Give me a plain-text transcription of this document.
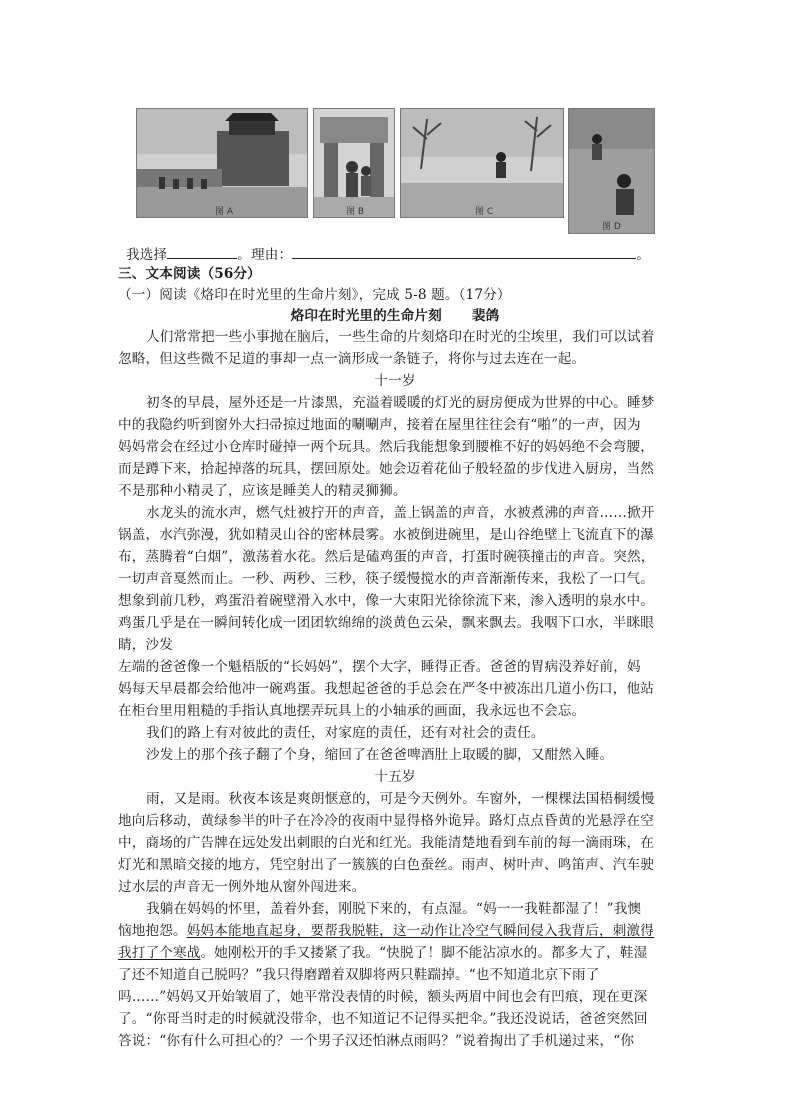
图 A	图 B	图 C
图 D
我选择	。理由：	。
三、文本阅读（56分）
（一）阅读《烙印在时光里的生命片刻》，完成 5-8 题。（17分）
烙印在时光里的生命片刻 裴鸽
人们常常把一些小事抛在脑后，一些生命的片刻烙印在时光的尘埃里，我们可以试着
忽略，但这些微不足道的事却一点一滴形成一条链子，将你与过去连在一起。
十一岁
初冬的早晨，屋外还是一片漆黑，充溢着暖暖的灯光的厨房便成为世界的中心。睡梦
中的我隐约听到窗外大扫帚掠过地面的唰唰声，接着在屋里往往会有“啪”的一声，因为
妈妈常会在经过小仓库时碰掉一两个玩具。然后我能想象到腰椎不好的妈妈绝不会弯腰，
而是蹲下来，拾起掉落的玩具，摆回原处。她会迈着花仙子般轻盈的步伐进入厨房，当然
不是那种小精灵了，应该是睡美人的精灵狮狮。
水龙头的流水声，燃气灶被拧开的声音，盖上锅盖的声音，水被煮沸的声音……掀开
锅盖，水汽弥漫，犹如精灵山谷的密林晨雾。水被倒进碗里，是山谷绝壁上飞流直下的瀑
布，蒸腾着“白烟”，激荡着水花。然后是磕鸡蛋的声音，打蛋时碗筷撞击的声音。突然，
一切声音戛然而止。一秒、两秒、三秒，筷子缓慢搅水的声音渐渐传来，我松了一口气。
想象到前几秒，鸡蛋沿着碗壁滑入水中，像一大束阳光徐徐流下来，渗入透明的泉水中。
鸡蛋几乎是在一瞬间转化成一团团软绵绵的淡黄色云朵，飘来飘去。我咽下口水，半眯眼
睛，沙发
左端的爸爸像一个魁梧版的“长妈妈”，摆个大字，睡得正香。爸爸的胃病没养好前，妈
妈每天早晨都会给他冲一碗鸡蛋。我想起爸爸的手总会在严冬中被冻出几道小伤口，他站
在柜台里用粗糙的手指认真地摆弄玩具上的小轴承的画面，我永远也不会忘。
我们的路上有对彼此的责任，对家庭的责任，还有对社会的责任。
沙发上的那个孩子翻了个身，缩回了在爸爸啤酒肚上取暖的脚，又酣然入睡。
十五岁
雨，又是雨。秋夜本该是爽朗惬意的，可是今天例外。车窗外，一棵棵法国梧桐缓慢
地向后移动，黄绿参半的叶子在冷冷的夜雨中显得格外诡异。路灯点点昏黄的光悬浮在空
中，商场的广告牌在远处发出刺眼的白光和红光。我能清楚地看到车前的每一滴雨珠，在
灯光和黑暗交接的地方，凭空射出了一簇簇的白色蚕丝。雨声、树叶声、鸣笛声、汽车驶
过水层的声音无一例外地从窗外闯进来。
我躺在妈妈的怀里，盖着外套，刚脱下来的，有点湿。“妈一一我鞋都湿了！”我懊
恼地抱怨。妈妈本能地直起身，要帮我脱鞋，这一动作让冷空气瞬间侵入我背后，刺激得
我打了个寒战。她刚松开的手又搂紧了我。“快脱了！脚不能沾凉水的。都多大了，鞋湿
了还不知道自己脱吗？”我只得磨蹭着双脚将两只鞋踹掉。“也不知道北京下雨了
吗……”妈妈又开始皱眉了，她平常没表情的时候，额头两眉中间也会有凹痕，现在更深
了。“你哥当时走的时候就没带伞，也不知道记不记得买把伞。”我还没说话，爸爸突然回
答说：“你有什么可担心的？一个男子汉还怕淋点雨吗？”说着掏出了手机递过来，“你
